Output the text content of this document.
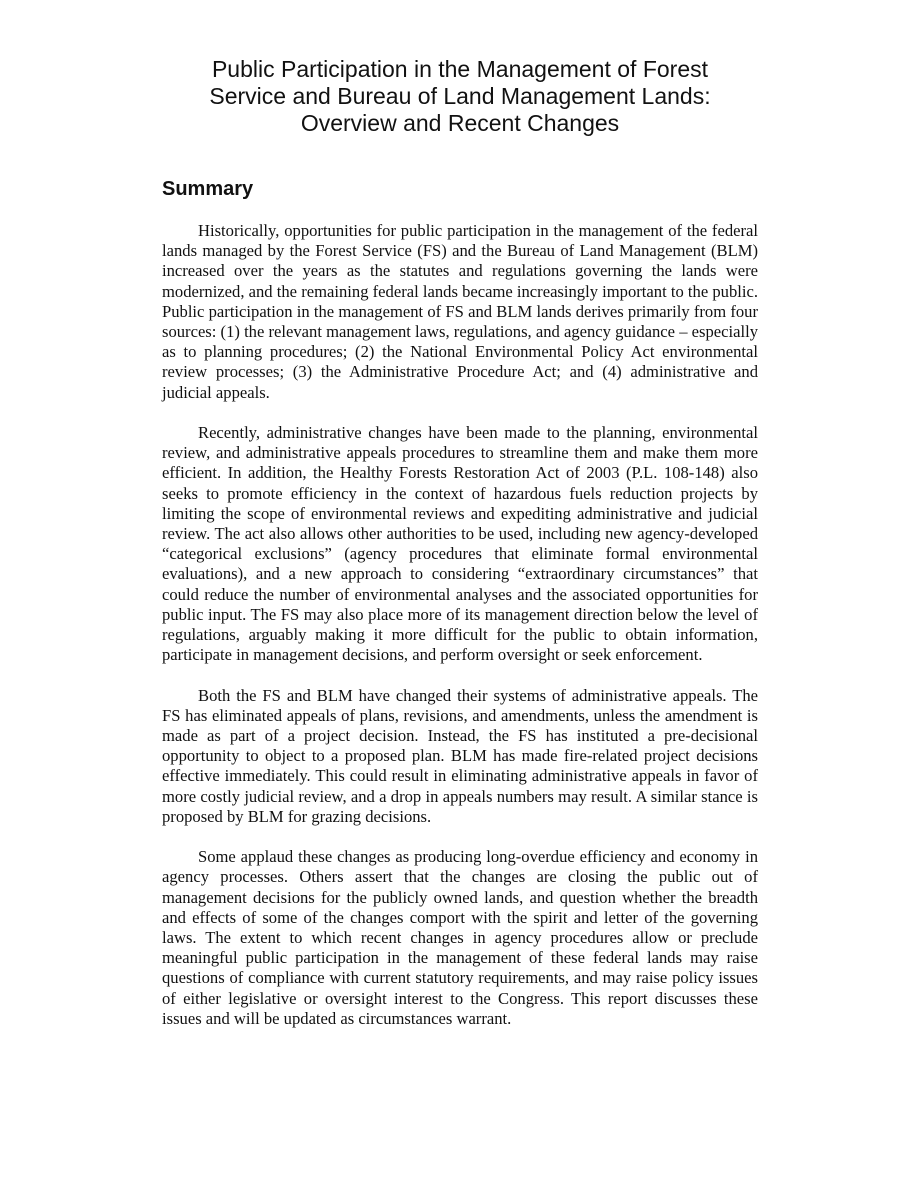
Public Participation in the Management of Forest
Service and Bureau of Land Management Lands:
Overview and Recent Changes
Summary

Historically, opportunities for public participation in the management of the federal lands managed by the Forest Service (FS) and the Bureau of Land Management (BLM) increased over the years as the statutes and regulations governing the lands were modernized, and the remaining federal lands became increasingly important to the public. Public participation in the management of FS and BLM lands derives primarily from four sources: (1) the relevant management laws, regulations, and agency guidance – especially as to planning procedures; (2) the National Environmental Policy Act environmental review processes; (3) the Administrative Procedure Act; and (4) administrative and judicial appeals.

Recently, administrative changes have been made to the planning, environmental review, and administrative appeals procedures to streamline them and make them more efficient. In addition, the Healthy Forests Restoration Act of 2003 (P.L. 108-148) also seeks to promote efficiency in the context of hazardous fuels reduction projects by limiting the scope of environmental reviews and expediting administrative and judicial review. The act also allows other authorities to be used, including new agency-developed “categorical exclusions” (agency procedures that eliminate formal environmental evaluations), and a new approach to considering “extraordinary circumstances” that could reduce the number of environmental analyses and the associated opportunities for public input. The FS may also place more of its management direction below the level of regulations, arguably making it more difficult for the public to obtain information, participate in management decisions, and perform oversight or seek enforcement.

Both the FS and BLM have changed their systems of administrative appeals. The FS has eliminated appeals of plans, revisions, and amendments, unless the amendment is made as part of a project decision. Instead, the FS has instituted a pre-decisional opportunity to object to a proposed plan. BLM has made fire-related project decisions effective immediately. This could result in eliminating administrative appeals in favor of more costly judicial review, and a drop in appeals numbers may result. A similar stance is proposed by BLM for grazing decisions.

Some applaud these changes as producing long-overdue efficiency and economy in agency processes. Others assert that the changes are closing the public out of management decisions for the publicly owned lands, and question whether the breadth and effects of some of the changes comport with the spirit and letter of the governing laws. The extent to which recent changes in agency procedures allow or preclude meaningful public participation in the management of these federal lands may raise questions of compliance with current statutory requirements, and may raise policy issues of either legislative or oversight interest to the Congress. This report discusses these issues and will be updated as circumstances warrant.
